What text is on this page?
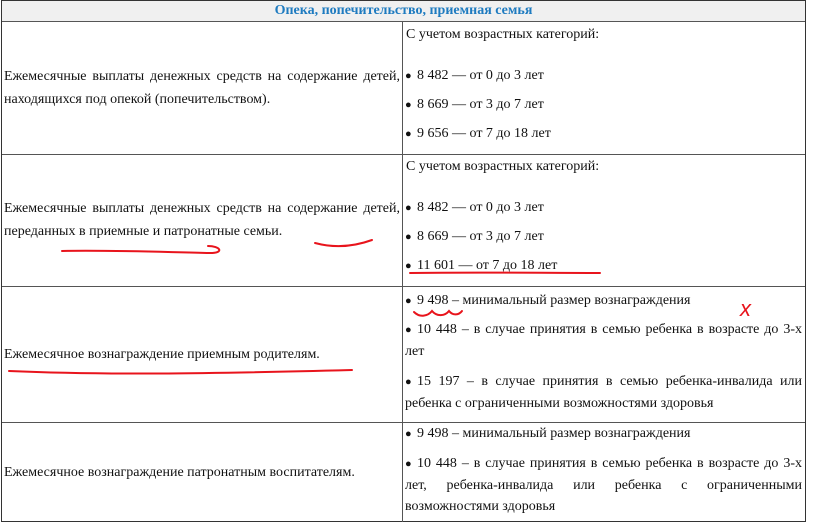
Опека, попечительство, приемная семья
Ежемесячные выплаты денежных средств на содержание детей, находящихся под опекой (попечительством).
С учетом возрастных категорий:
● 8 482 — от 0 до 3 лет
● 8 669 — от 3 до 7 лет
● 9 656 — от 7 до 18 лет
Ежемесячные выплаты денежных средств на содержание детей, переданных в приемные и патронатные семьи.
С учетом возрастных категорий:
● 8 482 — от 0 до 3 лет
● 8 669 — от 3 до 7 лет
● 11 601 — от 7 до 18 лет
Ежемесячное вознаграждение приемным родителям.
● 9 498 – минимальный размер вознаграждения
● 10 448 – в случае принятия в семью ребенка в возрасте до 3-х лет
● 15 197 – в случае принятия в семью ребенка-инвалида или ребенка с ограниченными возможностями здоровья
Ежемесячное вознаграждение патронатным воспитателям.
● 9 498 – минимальный размер вознаграждения
● 10 448 – в случае принятия в семью ребенка в возрасте до 3-х лет, ребенка-инвалида или ребенка с ограниченными возможностями здоровья
x
